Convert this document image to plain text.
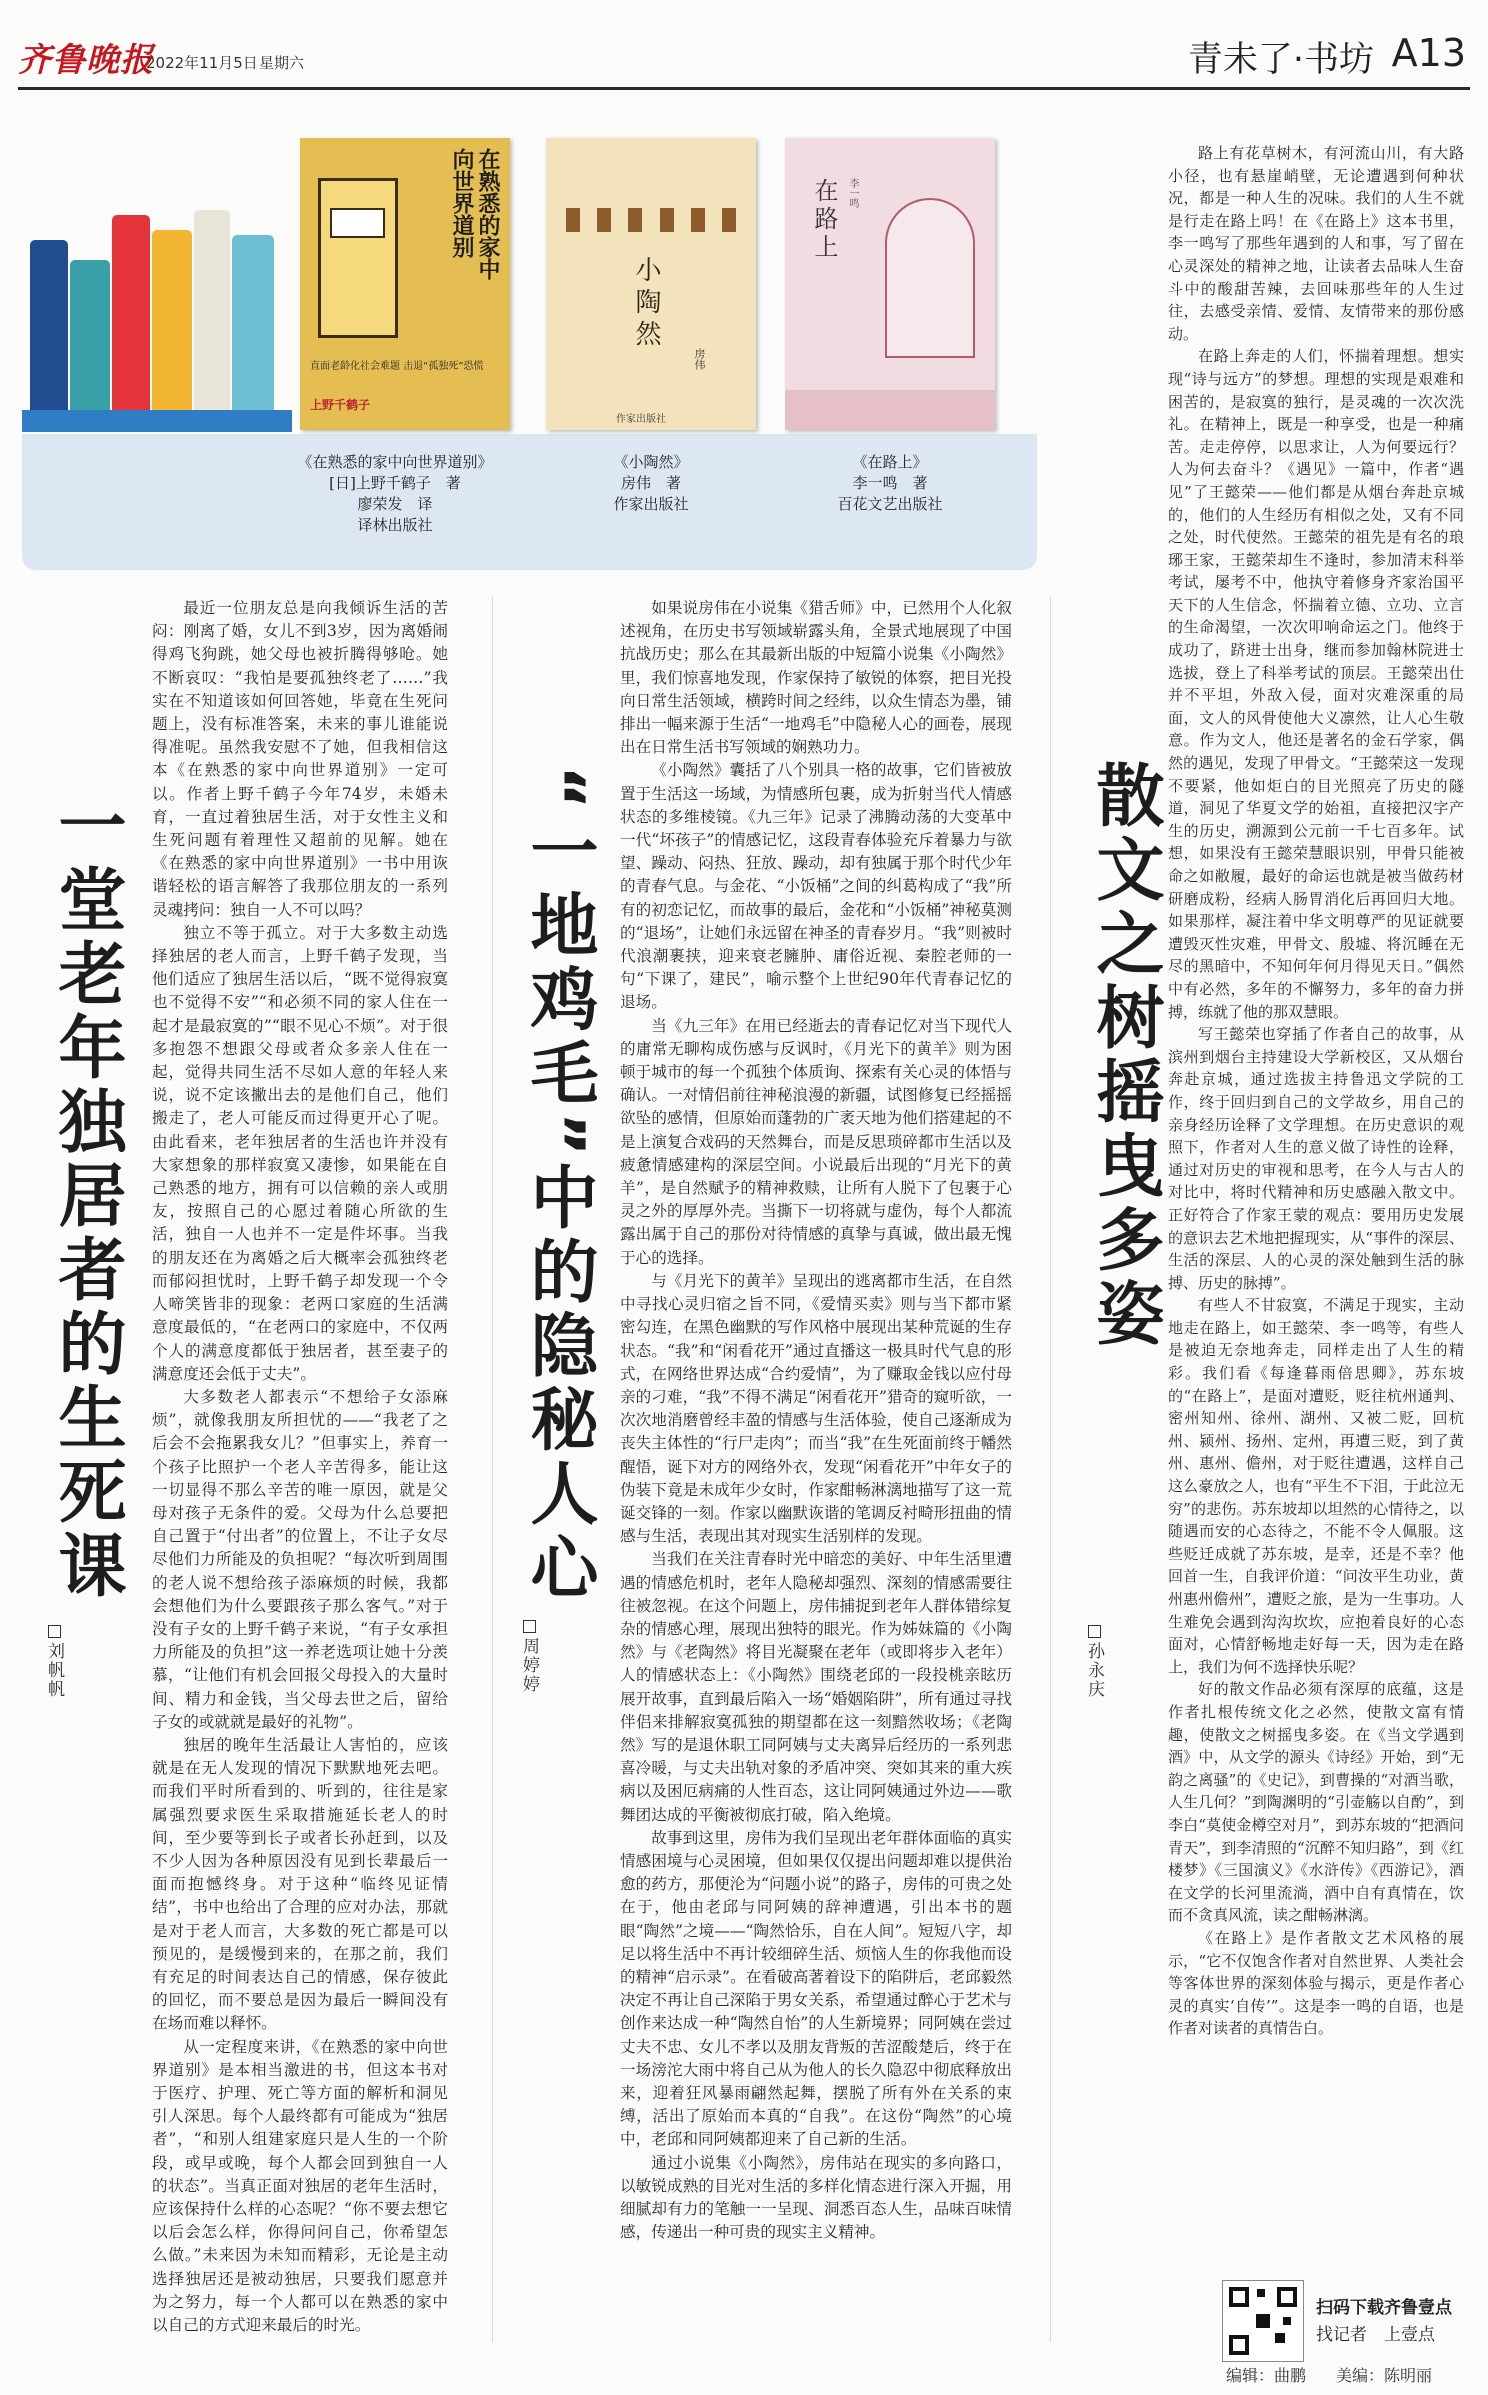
齐鲁晚报
2022年11月5日 星期六	青未了·书坊 A13
在熟悉的家中向世界道别
直面老龄化社会难题 击退“孤独死”恐慌
上野千鹤子
小陶然
房伟
作家出版社
在路上 李一鸣
《在熟悉的家中向世界道别》
[日]上野千鹤子　著
廖荣发　译
译林出版社
《小陶然》
房伟　著
作家出版社
《在路上》
李一鸣　著
百花文艺出版社
一堂老年独居者的生死课
刘帆帆

最近一位朋友总是向我倾诉生活的苦闷：刚离了婚，女儿不到3岁，因为离婚闹得鸡飞狗跳，她父母也被折腾得够呛。她不断哀叹：“我怕是要孤独终老了……”我实在不知道该如何回答她，毕竟在生死问题上，没有标准答案，未来的事儿谁能说得准呢。虽然我安慰不了她，但我相信这本《在熟悉的家中向世界道别》一定可以。作者上野千鹤子今年74岁，未婚未育，一直过着独居生活，对于女性主义和生死问题有着理性又超前的见解。她在《在熟悉的家中向世界道别》一书中用诙谐轻松的语言解答了我那位朋友的一系列灵魂拷问：独自一人不可以吗？

独立不等于孤立。对于大多数主动选择独居的老人而言，上野千鹤子发现，当他们适应了独居生活以后，“既不觉得寂寞也不觉得不安”“和必须不同的家人住在一起才是最寂寞的”“眼不见心不烦”。对于很多抱怨不想跟父母或者众多亲人住在一起，觉得共同生活不尽如人意的年轻人来说，说不定该撇出去的是他们自己，他们搬走了，老人可能反而过得更开心了呢。由此看来，老年独居者的生活也许并没有大家想象的那样寂寞又凄惨，如果能在自己熟悉的地方，拥有可以信赖的亲人或朋友，按照自己的心愿过着随心所欲的生活，独自一人也并不一定是件坏事。当我的朋友还在为离婚之后大概率会孤独终老而郁闷担忧时，上野千鹤子却发现一个令人啼笑皆非的现象：老两口家庭的生活满意度最低的，“在老两口的家庭中，不仅两个人的满意度都低于独居者，甚至妻子的满意度还会低于丈夫”。

大多数老人都表示“不想给子女添麻烦”，就像我朋友所担忧的——“我老了之后会不会拖累我女儿？”但事实上，养育一个孩子比照护一个老人辛苦得多，能让这一切显得不那么辛苦的唯一原因，就是父母对孩子无条件的爱。父母为什么总要把自己置于“付出者”的位置上，不让子女尽尽他们力所能及的负担呢？“每次听到周围的老人说不想给孩子添麻烦的时候，我都会想他们为什么要跟孩子那么客气。”对于没有子女的上野千鹤子来说，“有子女承担力所能及的负担”这一养老选项让她十分羡慕，“让他们有机会回报父母投入的大量时间、精力和金钱，当父母去世之后，留给子女的或就就是最好的礼物”。

独居的晚年生活最让人害怕的，应该就是在无人发现的情况下默默地死去吧。而我们平时所看到的、听到的，往往是家属强烈要求医生采取措施延长老人的时间，至少要等到长子或者长孙赶到，以及不少人因为各种原因没有见到长辈最后一面而抱憾终身。对于这种“临终见证情结”，书中也给出了合理的应对办法，那就是对于老人而言，大多数的死亡都是可以预见的，是缓慢到来的，在那之前，我们有充足的时间表达自己的情感，保存彼此的回忆，而不要总是因为最后一瞬间没有在场而难以释怀。

从一定程度来讲，《在熟悉的家中向世界道别》是本相当激进的书，但这本书对于医疗、护理、死亡等方面的解析和洞见引人深思。每个人最终都有可能成为“独居者”，“和别人组建家庭只是人生的一个阶段，或早或晚，每个人都会回到独自一人的状态”。当真正面对独居的老年生活时，应该保持什么样的心态呢？“你不要去想它以后会怎么样，你得问问自己，你希望怎么做。”未来因为未知而精彩，无论是主动选择独居还是被动独居，只要我们愿意并为之努力，每一个人都可以在熟悉的家中以自己的方式迎来最后的时光。

“一地鸡毛”中的隐秘人心
周婷婷

如果说房伟在小说集《猎舌师》中，已然用个人化叙述视角，在历史书写领域崭露头角，全景式地展现了中国抗战历史；那么在其最新出版的中短篇小说集《小陶然》里，我们惊喜地发现，作家保持了敏锐的体察，把目光投向日常生活领域，横跨时间之经纬，以众生情态为墨，铺排出一幅来源于生活“一地鸡毛”中隐秘人心的画卷，展现出在日常生活书写领域的娴熟功力。

《小陶然》囊括了八个别具一格的故事，它们皆被放置于生活这一场域，为情感所包裹，成为折射当代人情感状态的多维棱镜。《九三年》记录了沸腾动荡的大变革中一代“坏孩子”的情感记忆，这段青春体验充斥着暴力与欲望、躁动、闷热、狂放、躁动，却有独属于那个时代少年的青春气息。与金花、“小饭桶”之间的纠葛构成了“我”所有的初恋记忆，而故事的最后，金花和“小饭桶”神秘莫测的“退场”，让她们永远留在神圣的青春岁月。“我”则被时代浪潮裹挟，迎来衰老臃肿、庸俗近视、秦腔老师的一句“下课了，建民”，喻示整个上世纪90年代青春记忆的退场。

当《九三年》在用已经逝去的青春记忆对当下现代人的庸常无聊构成伤感与反讽时，《月光下的黄羊》则为困顿于城市的每一个孤独个体质询、探索有关心灵的体悟与确认。一对情侣前往神秘浪漫的新疆，试图修复已经摇摇欲坠的感情，但原始而蓬勃的广袤天地为他们搭建起的不是上演复合戏码的天然舞台，而是反思琐碎都市生活以及疲惫情感建构的深层空间。小说最后出现的“月光下的黄羊”，是自然赋予的精神救赎，让所有人脱下了包裹于心灵之外的厚厚外壳。当撕下一切将就与虚伪，每个人都流露出属于自己的那份对待情感的真挚与真诚，做出最无愧于心的选择。

与《月光下的黄羊》呈现出的逃离都市生活，在自然中寻找心灵归宿之旨不同，《爱情买卖》则与当下都市紧密勾连，在黑色幽默的写作风格中展现出某种荒诞的生存状态。“我”和“闲看花开”通过直播这一极具时代气息的形式，在网络世界达成“合约爱情”，为了赚取金钱以应付母亲的刁难，“我”不得不满足“闲看花开”猎奇的窥听欲，一次次地消磨曾经丰盈的情感与生活体验，使自己逐渐成为丧失主体性的“行尸走肉”；而当“我”在生死面前终于幡然醒悟，诞下对方的网络外衣，发现“闲看花开”中年女子的伪装下竟是未成年少女时，作家酣畅淋漓地描写了这一荒诞交锋的一刻。作家以幽默诙谐的笔调反衬畸形扭曲的情感与生活，表现出其对现实生活别样的发现。

当我们在关注青春时光中暗恋的美好、中年生活里遭遇的情感危机时，老年人隐秘却强烈、深刻的情感需要往往被忽视。在这个问题上，房伟捕捉到老年人群体错综复杂的情感心理，展现出独特的眼光。作为姊妹篇的《小陶然》与《老陶然》将目光凝聚在老年（或即将步入老年）人的情感状态上：《小陶然》围绕老邱的一段投桃亲眩历展开故事，直到最后陷入一场“婚姻陷阱”，所有通过寻找伴侣来排解寂寞孤独的期望都在这一刻黯然收场；《老陶然》写的是退休职工同阿姨与丈夫离异后经历的一系列悲喜冷暖，与丈夫出轨对象的矛盾冲突、突如其来的重大疾病以及困厄病痛的人性百态，这让同阿姨通过外边——歌舞团达成的平衡被彻底打破，陷入绝境。

故事到这里，房伟为我们呈现出老年群体面临的真实情感困境与心灵困境，但如果仅仅提出问题却难以提供治愈的药方，那便沦为“问题小说”的路子，房伟的可贵之处在于，他由老邱与同阿姨的辞神遭遇，引出本书的题眼“陶然”之境——“陶然恰乐，自在人间”。短短八字，却足以将生活中不再计较细碎生活、烦恼人生的你我他而设的精神“启示录”。在看破高著着设下的陷阱后，老邱毅然决定不再让自己深陷于男女关系，希望通过醉心于艺术与创作来达成一种“陶然自怡”的人生新境界；同阿姨在尝过丈夫不忠、女儿不孝以及朋友背叛的苦涩酸楚后，终于在一场滂沱大雨中将自己从为他人的长久隐忍中彻底释放出来，迎着狂风暴雨翩然起舞，摆脱了所有外在关系的束缚，活出了原始而本真的“自我”。在这份“陶然”的心境中，老邱和同阿姨都迎来了自己新的生活。

通过小说集《小陶然》，房伟站在现实的多向路口，以敏锐成熟的目光对生活的多样化情态进行深入开掘，用细腻却有力的笔触一一呈现、洞悉百态人生，品味百味情感，传递出一种可贵的现实主义精神。

散文之树摇曳多姿
孙永庆

路上有花草树木，有河流山川，有大路小径，也有悬崖峭壁，无论遭遇到何种状况，都是一种人生的况味。我们的人生不就是行走在路上吗！在《在路上》这本书里，李一鸣写了那些年遇到的人和事，写了留在心灵深处的精神之地，让读者去品味人生奋斗中的酸甜苦辣，去回味那些年的人生过往，去感受亲情、爱情、友情带来的那份感动。

在路上奔走的人们，怀揣着理想。想实现“诗与远方”的梦想。理想的实现是艰难和困苦的，是寂寞的独行，是灵魂的一次次洗礼。在精神上，既是一种享受，也是一种痛苦。走走停停，以思求让，人为何要远行？人为何去奋斗？《遇见》一篇中，作者“遇见”了王懿荣——他们都是从烟台奔赴京城的，他们的人生经历有相似之处，又有不同之处，时代使然。王懿荣的祖先是有名的琅琊王家，王懿荣却生不逢时，参加清末科举考试，屡考不中，他执守着修身齐家治国平天下的人生信念，怀揣着立德、立功、立言的生命渴望，一次次叩响命运之门。他终于成功了，跻进士出身，继而参加翰林院进士选拔，登上了科举考试的顶层。王懿荣出仕并不平坦，外敌入侵，面对灾难深重的局面，文人的风骨使他大义凛然，让人心生敬意。作为文人，他还是著名的金石学家，偶然的遇见，发现了甲骨文。“王懿荣这一发现不要紧，他如炬白的目光照亮了历史的隧道，洞见了华夏文学的始祖，直接把汉字产生的历史，溯源到公元前一千七百多年。试想，如果没有王懿荣慧眼识别，甲骨只能被命之如敝履，最好的命运也就是被当做药材研磨成粉，经病人肠胃消化后再回归大地。如果那样，凝注着中华文明尊严的见证就要遭毁灭性灾难，甲骨文、殷墟、将沉睡在无尽的黑暗中，不知何年何月得见天日。”偶然中有必然，多年的不懈努力，多年的奋力拼搏，练就了他的那双慧眼。

写王懿荣也穿插了作者自己的故事，从滨州到烟台主持建设大学新校区，又从烟台奔赴京城，通过选拔主持鲁迅文学院的工作，终于回归到自己的文学故乡，用自己的亲身经历诠释了文学理想。在历史意识的观照下，作者对人生的意义做了诗性的诠释，通过对历史的审视和思考，在今人与古人的对比中，将时代精神和历史感融入散文中。正好符合了作家王蒙的观点：要用历史发展的意识去艺术地把握现实，从“事件的深层、生活的深层、人的心灵的深处触到生活的脉搏、历史的脉搏”。

有些人不甘寂寞，不满足于现实，主动地走在路上，如王懿荣、李一鸣等，有些人是被迫无奈地奔走，同样走出了人生的精彩。我们看《每逢暮雨倍思卿》，苏东坡的“在路上”，是面对遭贬，贬往杭州通判、密州知州、徐州、湖州、又被二贬，回杭州、颍州、扬州、定州，再遭三贬，到了黄州、惠州、儋州，对于贬往遭遇，这样自己这么豪放之人，也有“平生不下泪，于此泣无穷”的悲伤。苏东坡却以坦然的心情待之，以随遇而安的心态待之，不能不令人佩服。这些贬迁成就了苏东坡，是幸，还是不幸？他回首一生，自我评价道：“问汝平生功业，黄州惠州儋州”，遭贬之旅，是为一生事功。人生难免会遇到沟沟坎坎，应抱着良好的心态面对，心情舒畅地走好每一天，因为走在路上，我们为何不选择快乐呢？

好的散文作品必须有深厚的底蕴，这是作者扎根传统文化之必然，使散文富有情趣，使散文之树摇曳多姿。在《当文学遇到酒》中，从文学的源头《诗经》开始，到“无韵之离骚”的《史记》，到曹操的“对酒当歌，人生几何？”到陶渊明的“引壶觞以自酌”，到李白“莫使金樽空对月”，到苏东坡的“把酒问青天”，到李清照的“沉醉不知归路”，到《红楼梦》《三国演义》《水浒传》《西游记》，酒在文学的长河里流淌，酒中自有真情在，饮而不贪真风流，读之酣畅淋漓。

《在路上》是作者散文艺术风格的展示，“它不仅饱含作者对自然世界、人类社会等客体世界的深刻体验与揭示，更是作者心灵的真实‘自传’”。这是李一鸣的自语，也是作者对读者的真情告白。

扫码下载齐鲁壹点
找记者　上壹点
编辑：曲鹏 美编：陈明丽
